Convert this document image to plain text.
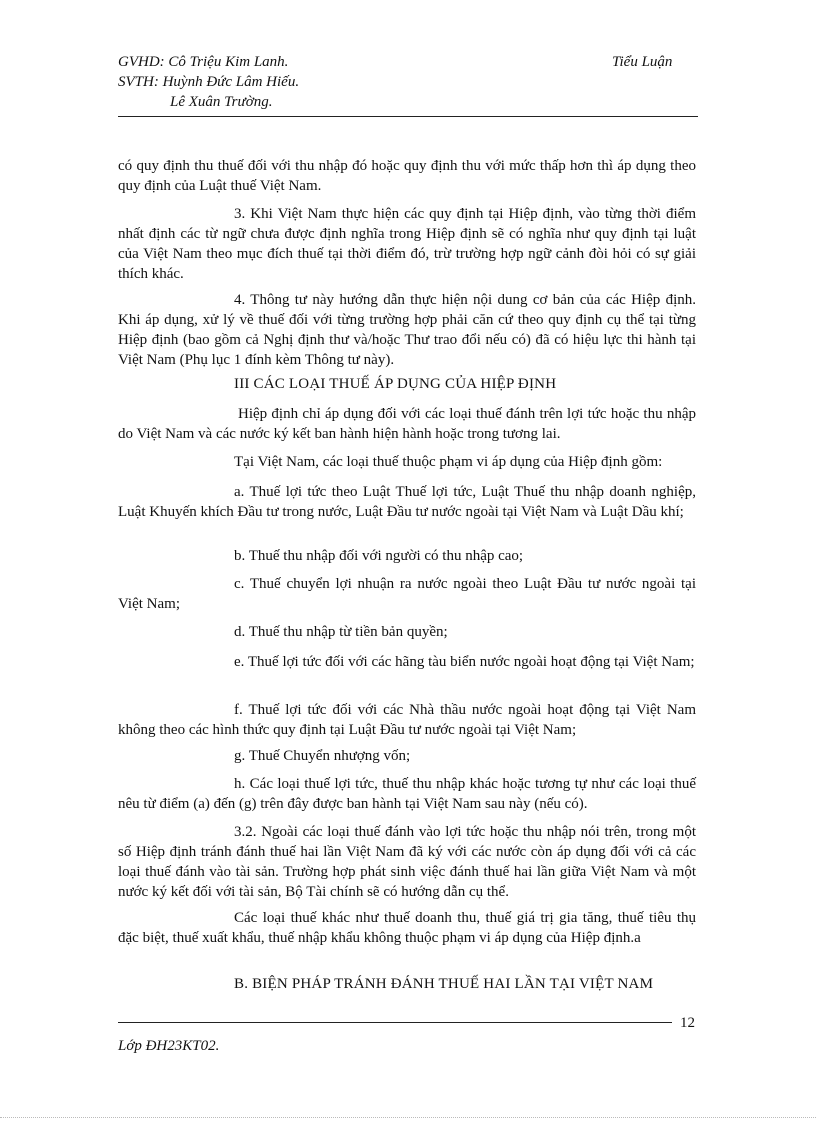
GVHD: Cô Triệu Kim Lanh.	Tiểu Luận
SVTH: Huỳnh Đức Lâm Hiếu.
Lê Xuân Trường.
có quy định thu thuế đối với thu nhập đó hoặc quy định thu với mức thấp hơn thì áp dụng theo quy định của Luật thuế Việt Nam.
3. Khi Việt Nam thực hiện các quy định tại Hiệp định, vào từng thời điểm nhất định các từ ngữ chưa được định nghĩa trong Hiệp định sẽ có nghĩa như quy định tại luật của Việt Nam theo mục đích thuế tại thời điểm đó, trừ trường hợp ngữ cảnh đòi hỏi có sự giải thích khác.
4. Thông tư này hướng dẫn thực hiện nội dung cơ bản của các Hiệp định. Khi áp dụng, xử lý về thuế đối với từng trường hợp phải căn cứ theo quy định cụ thể tại từng Hiệp định (bao gồm cả Nghị định thư và/hoặc Thư trao đổi nếu có) đã có hiệu lực thi hành tại Việt Nam (Phụ lục 1 đính kèm Thông tư này).
III CÁC LOẠI THUẾ ÁP DỤNG CỦA HIỆP ĐỊNH
Hiệp định chỉ áp dụng đối với các loại thuế đánh trên lợi tức hoặc thu nhập do Việt Nam và các nước ký kết ban hành hiện hành hoặc trong tương lai.
Tại Việt Nam, các loại thuế thuộc phạm vi áp dụng của Hiệp định gồm:
a. Thuế lợi tức theo Luật Thuế lợi tức, Luật Thuế thu nhập doanh nghiệp, Luật Khuyến khích Đầu tư trong nước, Luật Đầu tư nước ngoài tại Việt Nam và Luật Dầu khí;
b. Thuế thu nhập đối với người có thu nhập cao;
c. Thuế chuyển lợi nhuận ra nước ngoài theo Luật Đầu tư nước ngoài tại Việt Nam;
d. Thuế thu nhập từ tiền bản quyền;
e. Thuế lợi tức đối với các hãng tàu biển nước ngoài hoạt động tại Việt Nam;
f. Thuế lợi tức đối với các Nhà thầu nước ngoài hoạt động tại Việt Nam không theo các hình thức quy định tại Luật Đầu tư nước ngoài tại Việt Nam;
g. Thuế Chuyển nhượng vốn;
h. Các loại thuế lợi tức, thuế thu nhập khác hoặc tương tự như các loại thuế nêu từ điểm (a) đến (g) trên đây được ban hành tại Việt Nam sau này (nếu có).
3.2. Ngoài các loại thuế đánh vào lợi tức hoặc thu nhập nói trên, trong một số Hiệp định tránh đánh thuế hai lần Việt Nam đã ký với các nước còn áp dụng đối với cả các loại thuế đánh vào tài sản. Trường hợp phát sinh việc đánh thuế hai lần giữa Việt Nam và một nước ký kết đối với tài sản, Bộ Tài chính sẽ có hướng dẫn cụ thể.
Các loại thuế khác như thuế doanh thu, thuế giá trị gia tăng, thuế tiêu thụ đặc biệt, thuế xuất khẩu, thuế nhập khẩu không thuộc phạm vi áp dụng của Hiệp định.a
B. BIỆN PHÁP TRÁNH ĐÁNH THUẾ HAI LẦN TẠI VIỆT NAM
12
Lớp ĐH23KT02.
